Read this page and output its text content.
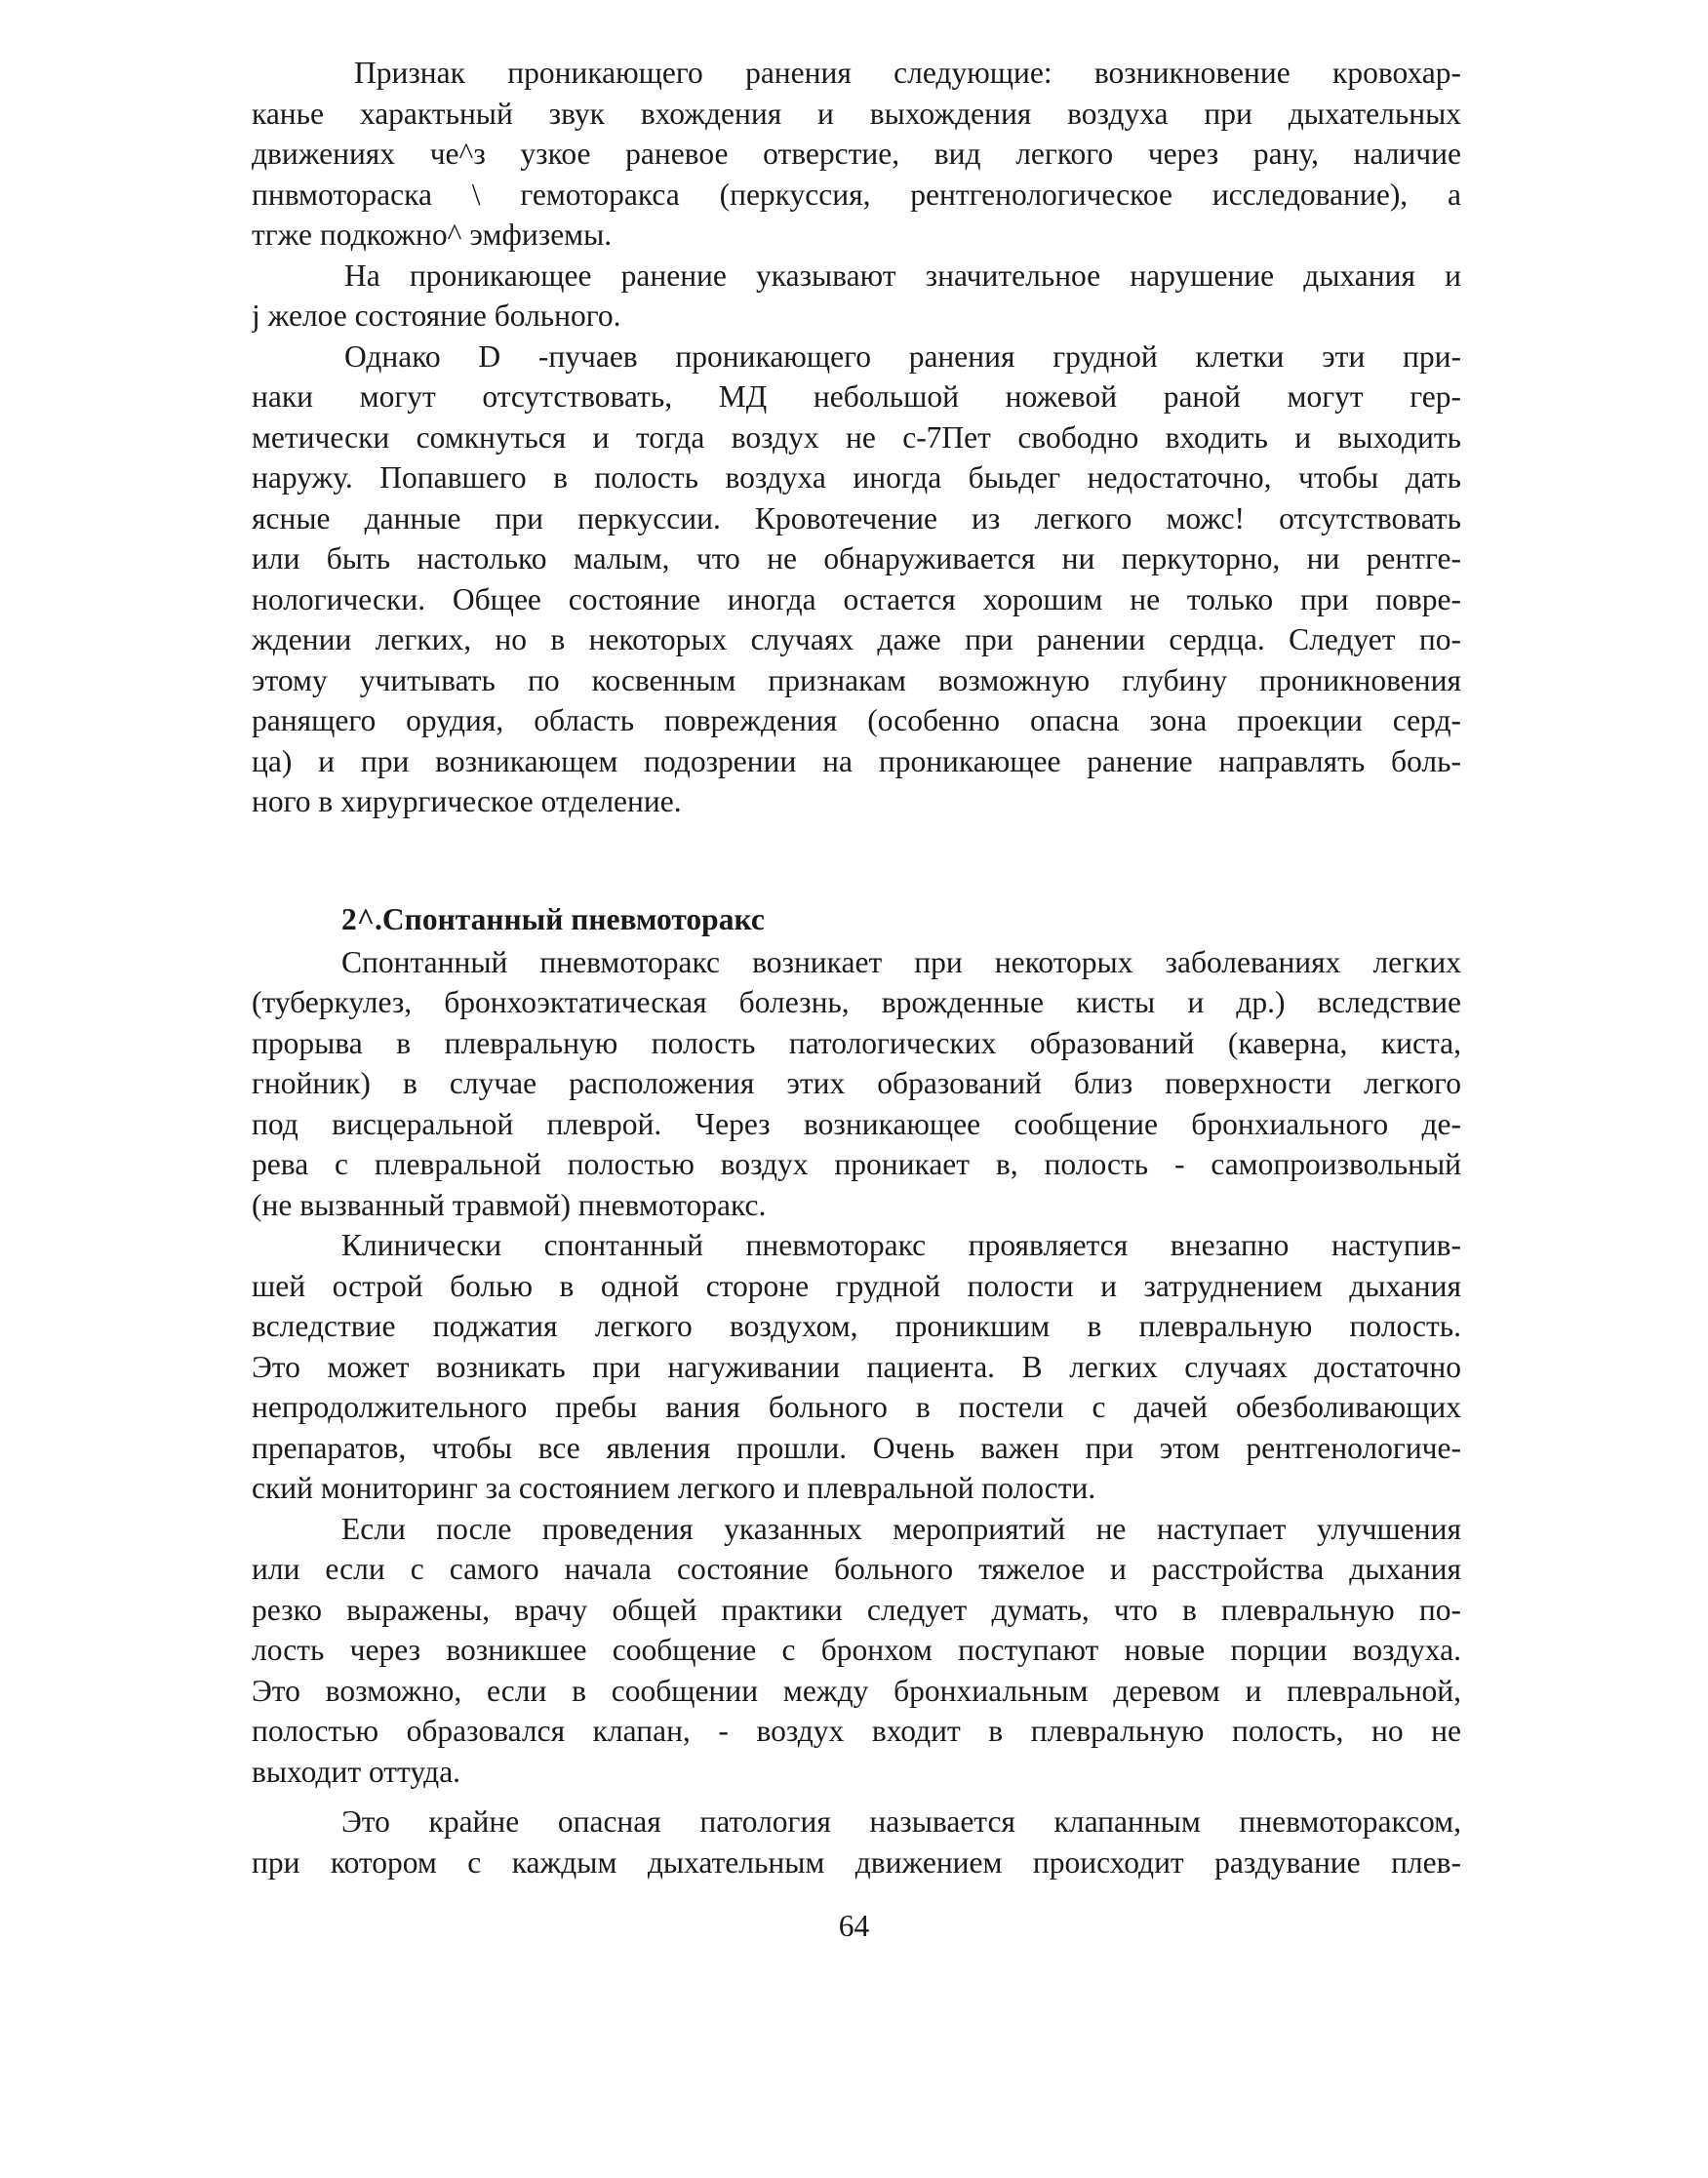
Признак проникающего ранения следующие: возникновение кровохар-
канье характьный звук вхождения и выхождения воздуха при дыхательных
движениях че^з узкое раневое отверстие, вид легкого через рану, наличие
пнвмоторaска \ гемоторакса (перкуссия, рентгенологическое исследование), а
тгже подкожно^ эмфиземы.
На проникающее ранение указывают значительное нарушение дыхания и
j желое состояние больного.
Однако D -пучаев проникающего ранения грудной клетки эти при-
наки могут отсутствовать, МД небольшой ножевой раной могут гер-
метически сомкнуться и тогда воздух не с-7Пет свободно входить и выходить
наружу. Попавшего в полость воздуха иногда быьдег недостаточно, чтобы дать
ясные данные при перкуссии. Кровотечение из легкого можс! отсутствовать
или быть настолько малым, что не обнаруживается ни перкуторно, ни рентге-
нологически. Общее состояние иногда остается хорошим не только при повре-
ждении легких, но в некоторых случаях даже при ранении сердца. Следует по-
этому учитывать по косвенным признакам возможную глубину проникновения
ранящего орудия, область повреждения (особенно опасна зона проекции серд-
ца) и при возникающем подозрении на проникающее ранение направлять боль-
ного в хирургическое отделение.
2^.Спонтанный пневмоторакс
Спонтанный пневмоторакс возникает при некоторых заболеваниях легких
(туберкулез, бронхоэктатическая болезнь, врожденные кисты и др.) вследствие
прорыва в плевральную полость патологических образований (каверна, киста,
гнойник) в случае расположения этих образований близ поверхности легкого
под висцеральной плеврой. Через возникающее сообщение бронхиального де-
рева с плевральной полостью воздух проникает в, полость - самопроизвольный
(не вызванный травмой) пневмоторакс.
Клинически спонтанный пневмоторакс проявляется внезапно наступив-
шей острой болью в одной стороне грудной полости и затруднением дыхания
вследствие поджатия легкого воздухом, проникшим в плевральную полость.
Это может возникать при нагуживании пациента. В легких случаях достаточно
непродолжительного пребы вания больного в постели с дачей обезболивающих
препаратов, чтобы все явления прошли. Очень важен при этом рентгенологиче-
ский мониторинг за состоянием легкого и плевральной полости.
Если после проведения указанных мероприятий не наступает улучшения
или если с самого начала состояние больного тяжелое и расстройства дыхания
резко выражены, врачу общей практики следует думать, что в плевральную по-
лость через возникшее сообщение с бронхом поступают новые порции воздуха.
Это возможно, если в сообщении между бронхиальным деревом и плевральной,
полостью образовался клапан, - воздух входит в плевральную полость, но не
выходит оттуда.
Это крайне опасная патология называется клапанным пневмотораксом,
при котором с каждым дыхательным движением происходит раздувание плев-
64
